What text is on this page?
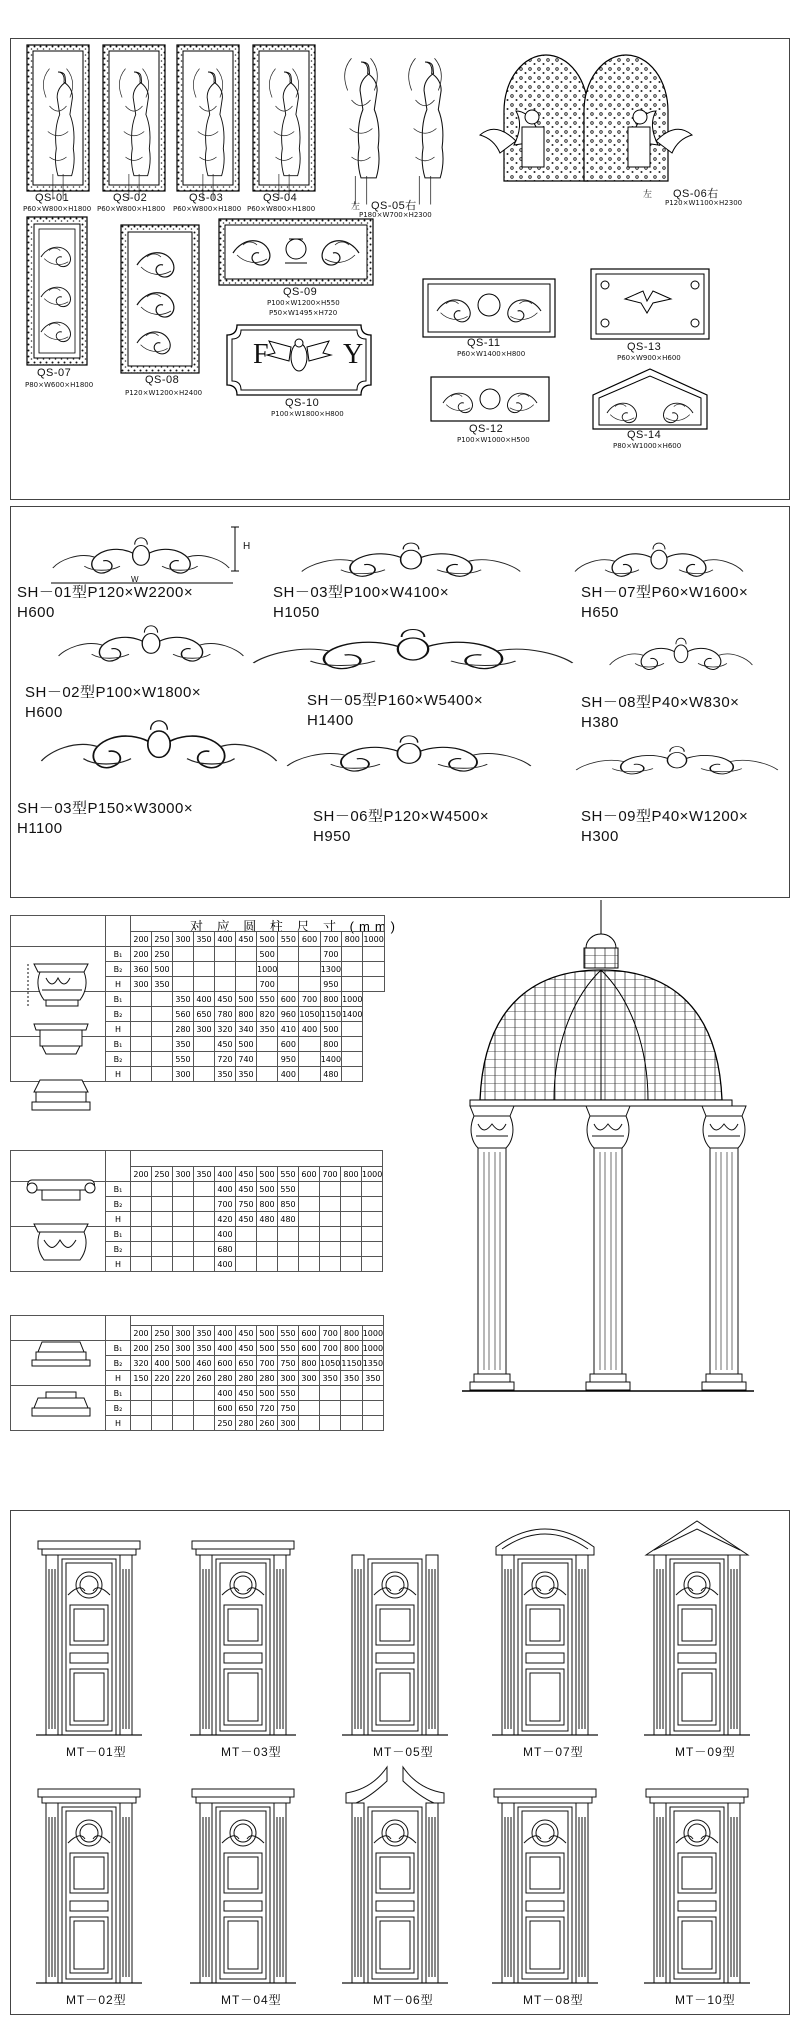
QS-01
P60×W800×H1800
QS-02
P60×W800×H1800
QS-03
P60×W800×H1800
QS-04
P60×W800×H1800	左 QS-05右
P180×W700×H2300
左 QS-06右
P120×W1100×H2300
QS-07
P80×W600×H1800	QS-08
P120×W1200×H2400
QS-09
P100×W1200×H550
P50×W1495×H720
F	Y
QS-10
P100×W1800×H800
QS-11
P60×W1400×H800
QS-12
P100×W1000×H500
QS-13
P60×W900×H600
QS-14
P80×W1000×H600
H
W
SH－01型P120×W2200×
H600
SH－03型P100×W4100×
H1050
SH－07型P60×W1600×
H650
SH－02型P100×W1800×
H600
SH－05型P160×W5400×
H1400
SH－08型P40×W830×
H380
SH－03型P150×W3000×
H1100
SH－06型P120×W4500×
H950
SH－09型P40×W1200×
H300
对 应 圆 柱 尺 寸 (mm)

		200	250	300	350	400	450	500	550	600	700	800	1000
	B₁	200	250					500			700		
	B₂	360	500					1000			1300		
	H	300	350					700			950		
	B₁			350	400	450	500	550	600	700	800	1000	
	B₂			560	650	780	800	820	960	1050	1150	1400	
	H			280	300	320	340	350	410	400	500		
	B₁			350		450	500		600		800		
	B₂			550		720	740		950		1400		
	H			300		350	350		400		480		

		200	250	300	350	400	450	500	550	600	700	800	1000
	B₁					400	450	500	550				
	B₂					700	750	800	850				
	H					420	450	480	480				
	B₁					400							
	B₂					680							
	H					400							

		200	250	300	350	400	450	500	550	600	700	800	1000
	B₁	200	250	300	350	400	450	500	550	600	700	800	1000
	B₂	320	400	500	460	600	650	700	750	800	1050	1150	1350
	H	150	220	220	260	280	280	280	300	300	350	350	350
	B₁					400	450	500	550				
	B₂					600	650	720	750				
	H					250	280	260	300				
MT－01型	MT－03型	MT－05型	MT－07型	MT－09型
MT－02型	MT－04型	MT－06型	MT－08型	MT－10型
